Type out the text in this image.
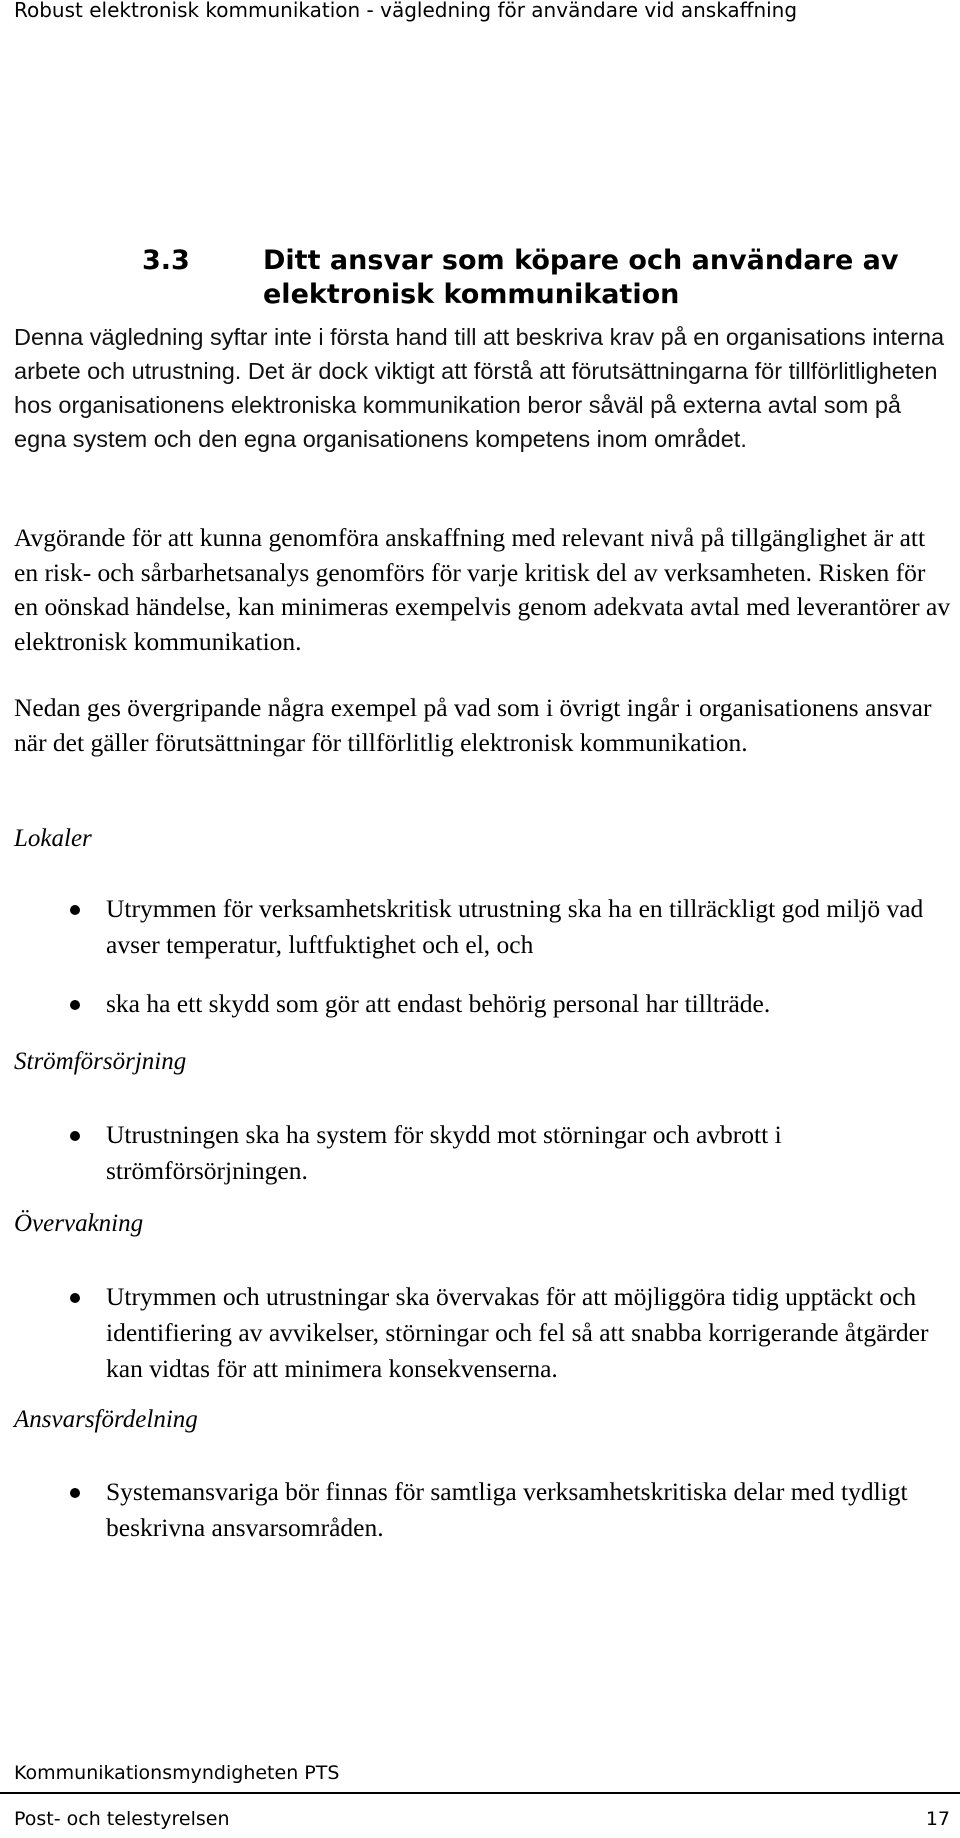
Robust elektronisk kommunikation - vägledning för användare vid anskaffning
3.3	Ditt ansvar som köpare och användare av elektronisk kommunikation

Denna vägledning syftar inte i första hand till att beskriva krav på en organisations interna arbete och utrustning. Det är dock viktigt att förstå att förutsättningarna för tillförlitligheten hos organisationens elektroniska kommunikation beror såväl på externa avtal som på egna system och den egna organisationens kompetens inom området.

Avgörande för att kunna genomföra anskaffning med relevant nivå på tillgänglighet är att en risk- och sårbarhetsanalys genomförs för varje kritisk del av verksamheten. Risken för en oönskad händelse, kan minimeras exempelvis genom adekvata avtal med leverantörer av elektronisk kommunikation.

Nedan ges övergripande några exempel på vad som i övrigt ingår i organisationens ansvar när det gäller förutsättningar för tillförlitlig elektronisk kommunikation.

Lokaler
Utrymmen för verksamhetskritisk utrustning ska ha en tillräckligt god miljö vad avser temperatur, luftfuktighet och el, och
ska ha ett skydd som gör att endast behörig personal har tillträde.
Strömförsörjning
Utrustningen ska ha system för skydd mot störningar och avbrott i strömförsörjningen.
Övervakning
Utrymmen och utrustningar ska övervakas för att möjliggöra tidig upptäckt och identifiering av avvikelser, störningar och fel så att snabba korrigerande åtgärder kan vidtas för att minimera konsekvenserna.
Ansvarsfördelning
Systemansvariga bör finnas för samtliga verksamhetskritiska delar med tydligt beskrivna ansvarsområden.
Kommunikationsmyndigheten PTS
Post- och telestyrelsen	17
